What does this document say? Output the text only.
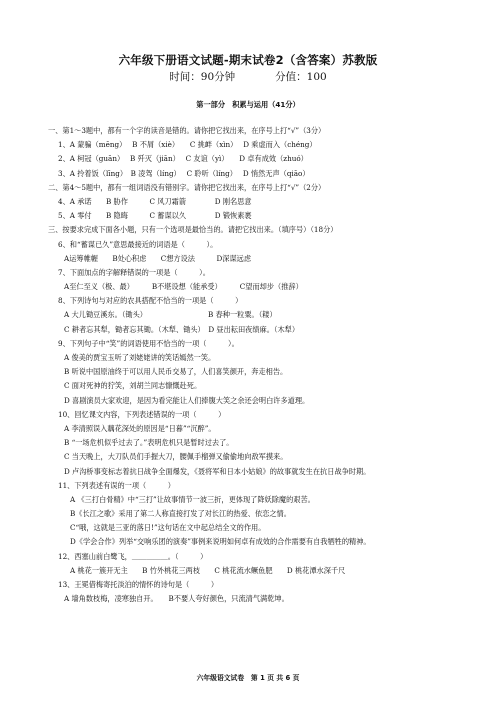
六年级下册语文试题-期末试卷2（含答案）苏教版
时间：90分钟	分值：100
第一部分　积累与运用（41分）
一、第1～3题中，都有一个字的读音是错的。请你把它找出来，在序号上打“√”（3分）
1、A 蒙骗（mēng）　 B 不屑（xiè）　　C 挑衅（xìn）　 D 乘虚而入（chéng）
2、A 柯冠（guān）　 B 歼灭（jiān）　 C 友谊（yì）　　D 卓有成效（zhuó）
3、A 拎着饭（līng）　B 凌驾（líng）　 C 聆听（líng）　 D 悄然无声（qiāo）
二、第4～5题中，都有一组词语没有错别字。请你把它找出来，在序号上打“√”（2分）
4、A 承诺　　B 胁作　　　C 风刀霜箭　　　　D 刚名思意
5、A 零付　　B 隐晦　　　C 蓄谋以久　　　　D 锻恢素裹
三、按要求完成下面各小题，只有一个选项是最恰当的。请把它找出来。（填序号）（18分）
6、和“蓄谋已久”意思最接近的词语是（　　　）。
A运筹帷幄　　B处心积虑　　C想方设法　　　D深谋远虑
7、下面加点的字解释错误的一项是（　　　）。
A至仁至义（极、最）　　　B不堪设想（能承受）　　　C望而却步（推辞）
8、下列诗句与对应的农具搭配不恰当的一项是（　　　）
A 大儿锄豆溪东。（锄头）　　　　　　　　　B 春种一粒粟。（耧）
C 耕者忘其犁，锄者忘其锄。（木犁、锄头）　D 昼出耘田夜绩麻。（木犁）
9、下列句子中“笑”的词语使用不恰当的一项（　　　）。
A 俊美的贾宝玉听了刘姥姥讲的笑话嫣然一笑。
B 听说中国原油终于可以用人民币交易了，人们喜笑颜开，奔走相告。
C 面对死神的狞笑，刘胡兰同志慷慨赴死。
D 喜剧演员大家欢迎，是因为看完能让人们捧腹大笑之余还会明白许多道理。
10、回忆课文内容，下列表述错误的一项（　　　）
A 李清照误入藕花深处的原因是“日暮”“沉醉”。
B “一场危机似乎过去了。”表明危机只是暂时过去了。
C 当天晚上，大刀队员们手握大刀，腰佩手榴弹又偷偷地向敌军摸来。
D 卢沟桥事变标志着抗日战争全面爆发，《聂将军和日本小姑娘》的故事就发生在抗日战争时期。
11、下列表述有误的一项（　　　）
A 《三打白骨精》中“三打”让故事情节一波三折，更体现了降妖除魔的艰苦。
B《长江之歌》采用了第二人称直接打发了对长江的热爱、依恋之情。
C“哦，这就是三亚的落日!”这句话在文中起总结全文的作用。
D《学会合作》列举“交响乐团的演奏”事例来说明如何卓有成效的合作需要有自我牺牲的精神。
12、西塞山前白鹭飞，＿＿＿＿＿。（　　　）
A 桃花一簇开无主　　B 竹外桃花三两枝　　C 桃花流水鳜鱼肥　　D 桃花潭水深千尺
13、王冕借梅寄托淡泊的情怀的诗句是（　　　）
A 墙角数枝梅，凌寒独自开。　　B不要人夸好颜色，只流清气满乾坤。
六年级语文试卷　第 1 页 共 6 页
